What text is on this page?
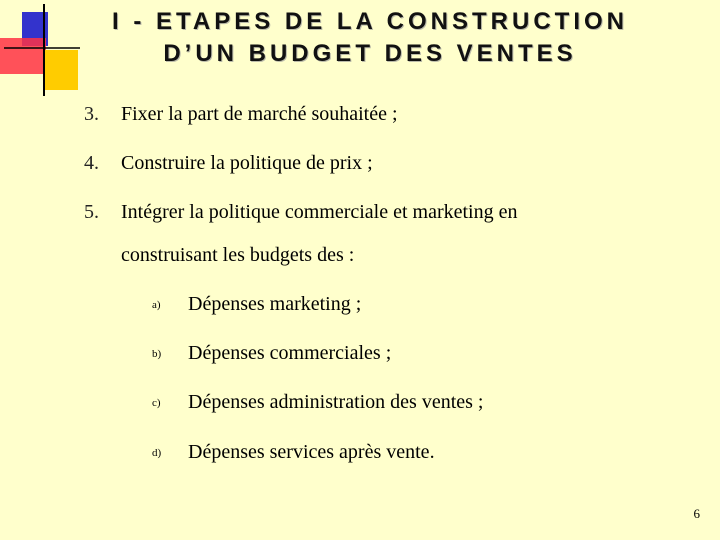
I - ETAPES DE LA CONSTRUCTION
D’UN BUDGET DES VENTES
3. Fixer la part de marché souhaitée ;
4. Construire la politique de prix ;
5. Intégrer la politique commerciale et marketing en
construisant les budgets des :
a) Dépenses marketing ;
b) Dépenses commerciales ;
c) Dépenses administration des ventes ;
d) Dépenses services après vente.
6
